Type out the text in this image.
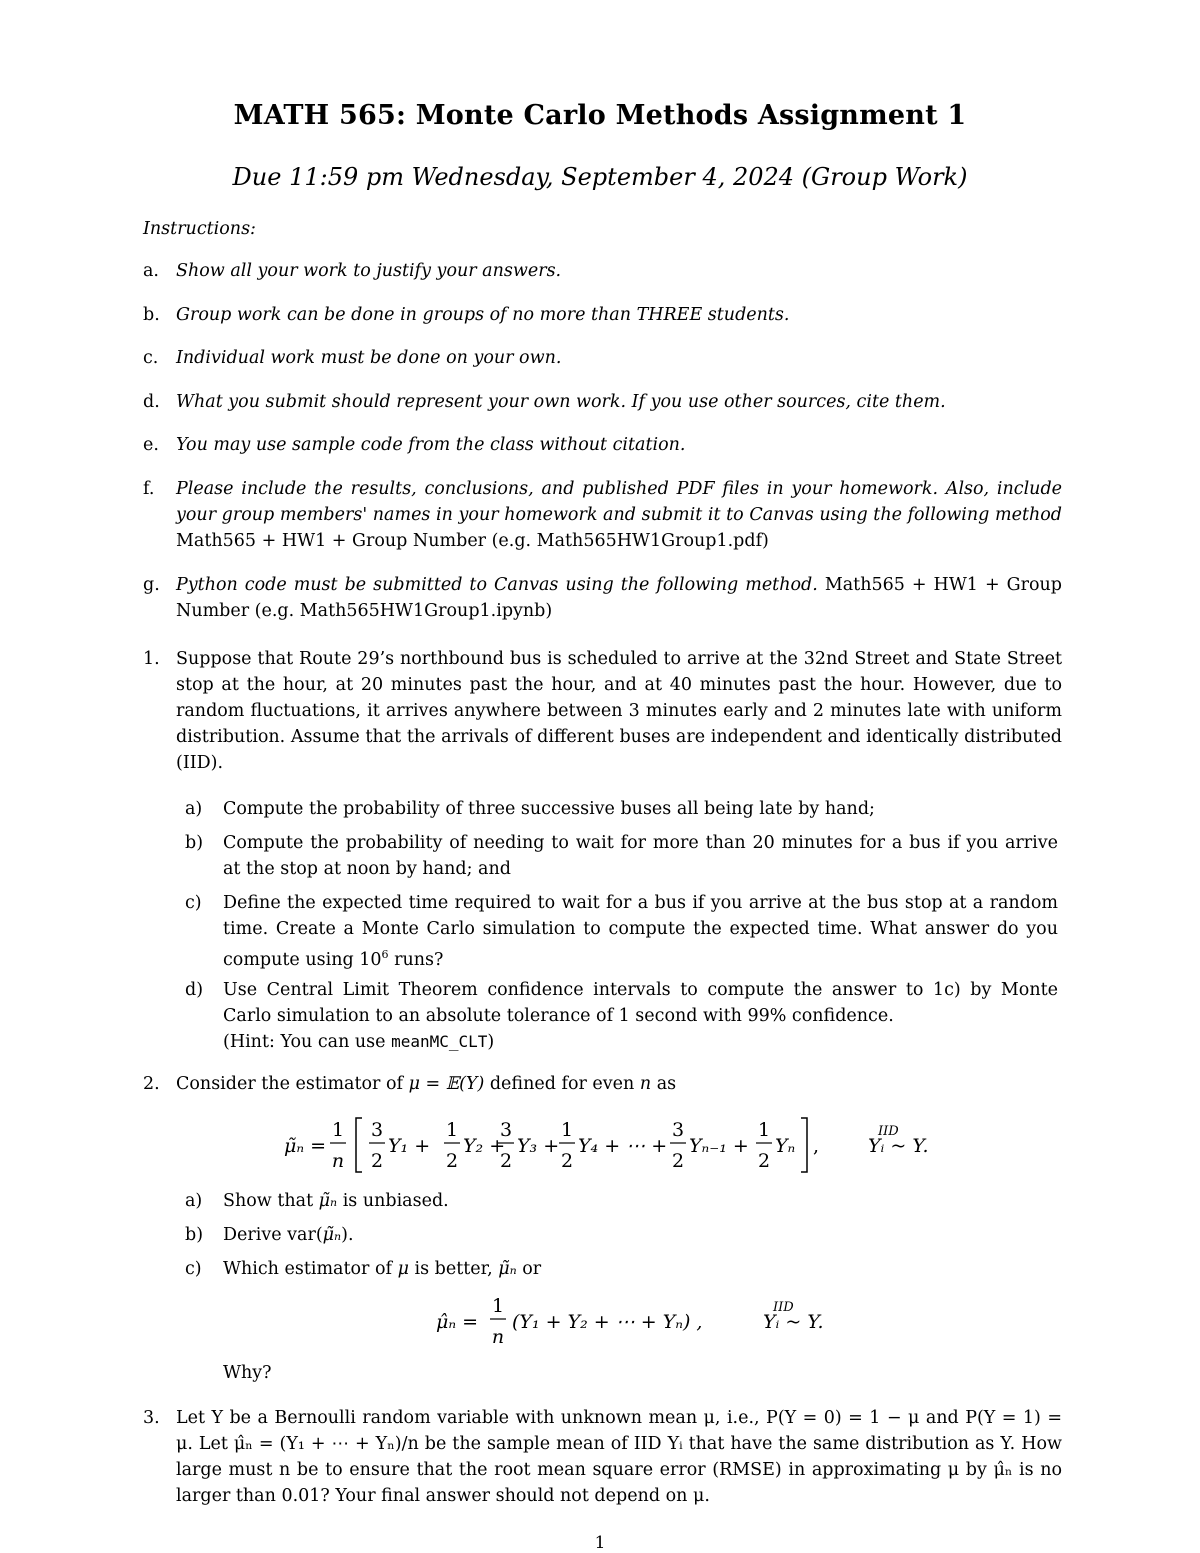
MATH 565: Monte Carlo Methods Assignment 1
Due 11:59 pm Wednesday, September 4, 2024 (Group Work)
Instructions:
a. Show all your work to justify your answers.
b. Group work can be done in groups of no more than THREE students.
c. Individual work must be done on your own.
d. What you submit should represent your own work. If you use other sources, cite them.
e. You may use sample code from the class without citation.
f. Please include the results, conclusions, and published PDF files in your homework. Also, include your group members' names in your homework and submit it to Canvas using the following method Math565 + HW1 + Group Number (e.g. Math565HW1Group1.pdf)
g. Python code must be submitted to Canvas using the following method. Math565 + HW1 + Group Number (e.g. Math565HW1Group1.ipynb)
1. Suppose that Route 29’s northbound bus is scheduled to arrive at the 32nd Street and State Street stop at the hour, at 20 minutes past the hour, and at 40 minutes past the hour. However, due to random fluctuations, it arrives anywhere between 3 minutes early and 2 minutes late with uniform distribution. Assume that the arrivals of different buses are independent and identically distributed (IID).
a) Compute the probability of three successive buses all being late by hand;
b) Compute the probability of needing to wait for more than 20 minutes for a bus if you arrive at the stop at noon by hand; and
c) Define the expected time required to wait for a bus if you arrive at the bus stop at a random time. Create a Monte Carlo simulation to compute the expected time. What answer do you compute using $10^6$ runs?
d) Use Central Limit Theorem confidence intervals to compute the answer to 1c) by Monte Carlo simulation to an absolute tolerance of 1 second with 99% confidence.
(Hint: You can use meanMC_CLT)
2. Consider the estimator of μ = 𝔼(Y) defined for even n as
μ̃ₙ =
1
n
3
2
Y₁ +
1
2
Y₂ +
3
2
Y₃ +
1
2
Y₄ + ⋯ +
3
2
Yₙ₋₁ +
1
2
Yₙ ,
IID
Yᵢ ~ Y.
a) Show that μ̃ₙ is unbiased.
b) Derive var(μ̃ₙ).
c) Which estimator of μ is better, μ̃ₙ or
μ̂ₙ =
1
n
(Y₁ + Y₂ + ⋯ + Yₙ) ,
IID
Yᵢ ~ Y.
Why?
3. Let Y be a Bernoulli random variable with unknown mean μ, i.e., P(Y = 0) = 1 − μ and P(Y = 1) = μ. Let μ̂ₙ = (Y₁ + ⋯ + Yₙ)/n be the sample mean of IID Yᵢ that have the same distribution as Y. How large must n be to ensure that the root mean square error (RMSE) in approximating μ by μ̂ₙ is no larger than 0.01? Your final answer should not depend on μ.
1
